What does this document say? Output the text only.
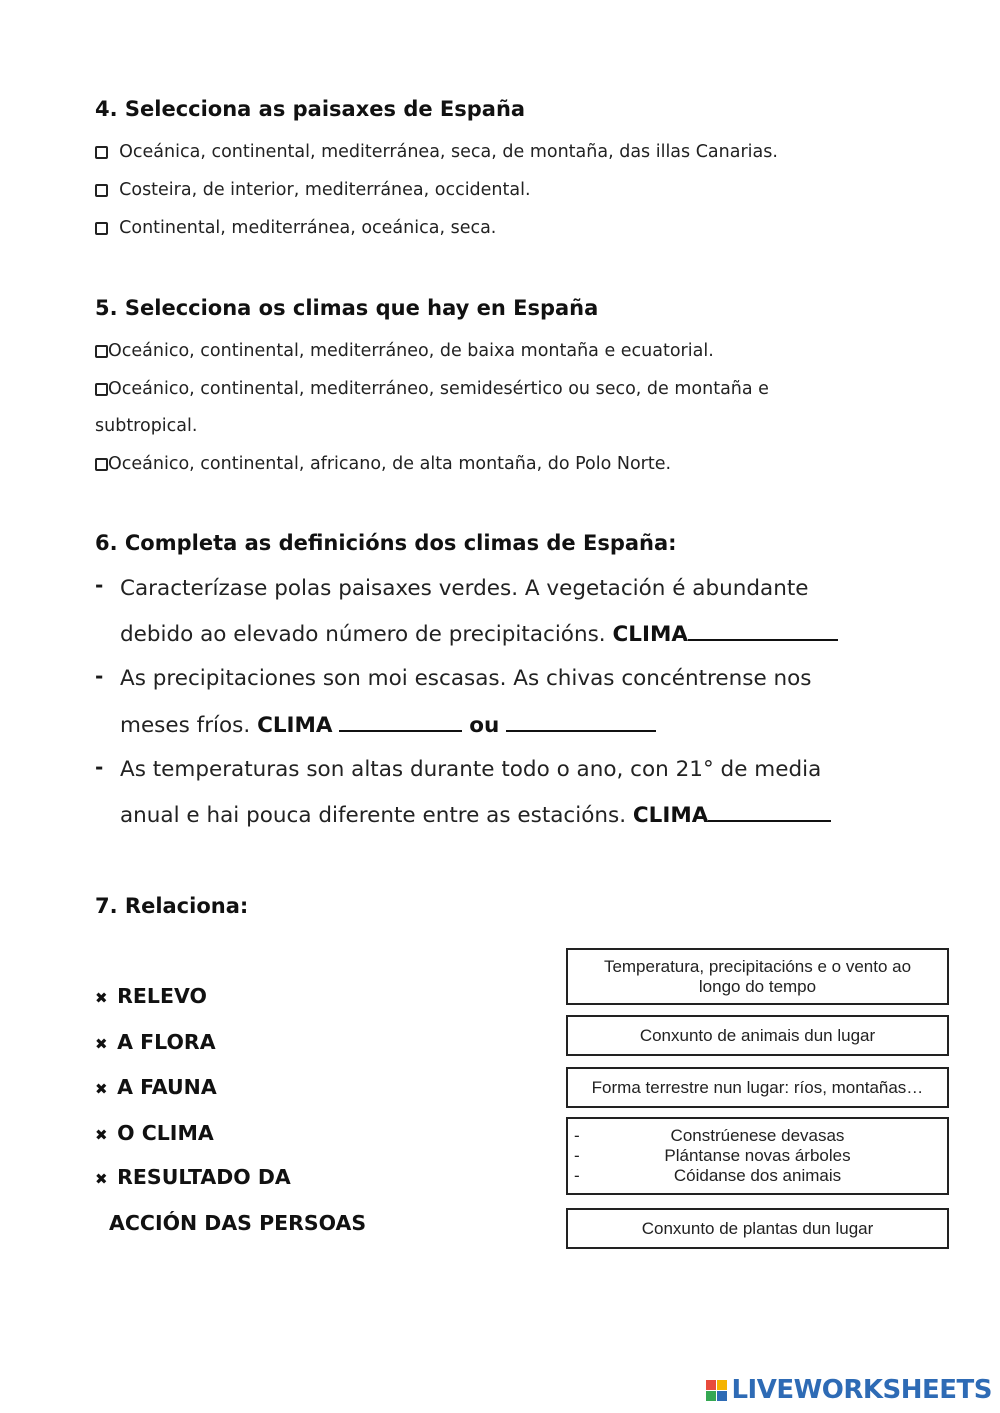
4. Selecciona as paisaxes de España
Oceánica, continental, mediterránea, seca, de montaña, das illas Canarias.
Costeira, de interior, mediterránea, occidental.
Continental, mediterránea, oceánica, seca.
5. Selecciona os climas que hay en España
Oceánico, continental, mediterráneo, de baixa montaña e ecuatorial.
Oceánico, continental, mediterráneo, semidesértico ou seco, de montaña e
subtropical.
Oceánico, continental, africano, de alta montaña, do Polo Norte.
6. Completa as definicións dos climas de España:
- Caracterízase polas paisaxes verdes. A vegetación é abundante
debido ao elevado número de precipitacións. CLIMA
- As precipitaciones son moi escasas. As chivas concéntrense nos
meses fríos. CLIMA	ou
- As temperaturas son altas durante todo o ano, con 21° de media
anual e hai pouca diferente entre as estacións. CLIMA
7. Relaciona:
✖ RELEVO
✖ A FLORA
✖ A FAUNA
✖ O CLIMA
✖ RESULTADO DA
ACCIÓN DAS PERSOAS
Temperatura, precipitacións e o vento ao
longo do tempo
Conxunto de animais dun lugar
Forma terrestre nun lugar: ríos, montañas…
-	Constrúenese devasas
-	Plántanse novas árboles
-	Cóidanse dos animais
Conxunto de plantas dun lugar
LIVEWORKSHEETS
